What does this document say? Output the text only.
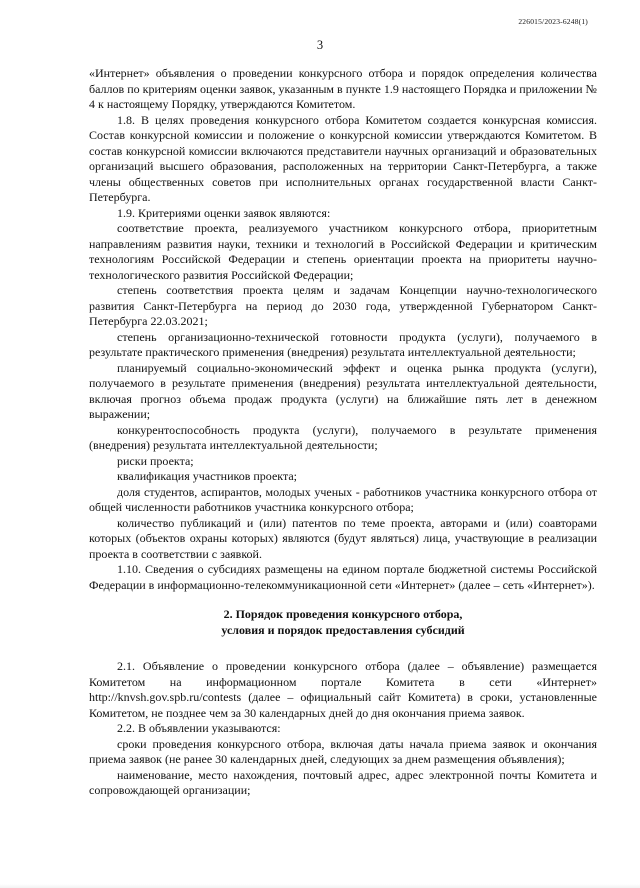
226015/2023-6248(1)
3

«Интернет» объявления о проведении конкурсного отбора и порядок определения количества баллов по критериям оценки заявок, указанным в пункте 1.9 настоящего Порядка и приложении № 4 к настоящему Порядку, утверждаются Комитетом.

1.8. В целях проведения конкурсного отбора Комитетом создается конкурсная комиссия. Состав конкурсной комиссии и положение о конкурсной комиссии утверждаются Комитетом. В состав конкурсной комиссии включаются представители научных организаций и образовательных организаций высшего образования, расположенных на территории Санкт-Петербурга, а также члены общественных советов при исполнительных органах государственной власти Санкт-Петербурга.

1.9. Критериями оценки заявок являются:

соответствие проекта, реализуемого участником конкурсного отбора, приоритетным направлениям развития науки, техники и технологий в Российской Федерации и критическим технологиям Российской Федерации и степень ориентации проекта на приоритеты научно-технологического развития Российской Федерации;

степень соответствия проекта целям и задачам Концепции научно-технологического развития Санкт-Петербурга на период до 2030 года, утвержденной Губернатором Санкт-Петербурга 22.03.2021;

степень организационно-технической готовности продукта (услуги), получаемого в результате практического применения (внедрения) результата интеллектуальной деятельности;

планируемый социально-экономический эффект и оценка рынка продукта (услуги), получаемого в результате применения (внедрения) результата интеллектуальной деятельности, включая прогноз объема продаж продукта (услуги) на ближайшие пять лет в денежном выражении;

конкурентоспособность продукта (услуги), получаемого в результате применения (внедрения) результата интеллектуальной деятельности;

риски проекта;

квалификация участников проекта;

доля студентов, аспирантов, молодых ученых - работников участника конкурсного отбора от общей численности работников участника конкурсного отбора;

количество публикаций и (или) патентов по теме проекта, авторами и (или) соавторами которых (объектов охраны которых) являются (будут являться) лица, участвующие в реализации проекта в соответствии с заявкой.

1.10. Сведения о субсидиях размещены на едином портале бюджетной системы Российской Федерации в информационно-телекоммуникационной сети «Интернет» (далее – сеть «Интернет»).

2. Порядок проведения конкурсного отбора,
условия и порядок предоставления субсидий

2.1. Объявление о проведении конкурсного отбора (далее – объявление) размещается Комитетом на информационном портале Комитета в сети «Интернет» http://knvsh.gov.spb.ru/contests (далее – официальный сайт Комитета) в сроки, установленные Комитетом, не позднее чем за 30 календарных дней до дня окончания приема заявок.

2.2. В объявлении указываются:

сроки проведения конкурсного отбора, включая даты начала приема заявок и окончания приема заявок (не ранее 30 календарных дней, следующих за днем размещения объявления);

наименование, место нахождения, почтовый адрес, адрес электронной почты Комитета и сопровождающей организации;
